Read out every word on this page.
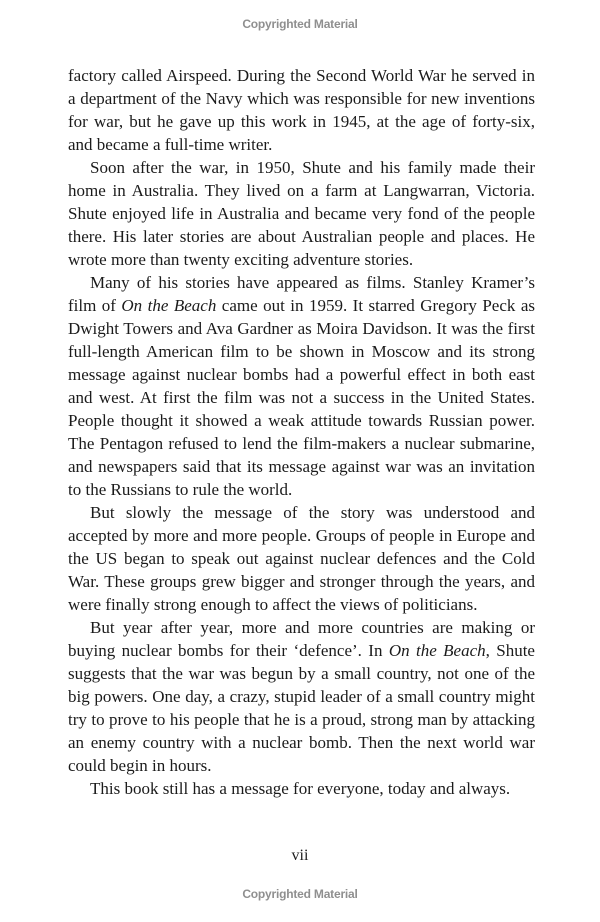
Copyrighted Material

factory called Airspeed. During the Second World War he served in a department of the Navy which was responsible for new inventions for war, but he gave up this work in 1945, at the age of forty-six, and became a full-time writer.

Soon after the war, in 1950, Shute and his family made their home in Australia. They lived on a farm at Langwarran, Victoria. Shute enjoyed life in Australia and became very fond of the people there. His later stories are about Australian people and places. He wrote more than twenty exciting adventure stories.

Many of his stories have appeared as films. Stanley Kramer’s film of On the Beach came out in 1959. It starred Gregory Peck as Dwight Towers and Ava Gardner as Moira Davidson. It was the first full-length American film to be shown in Moscow and its strong message against nuclear bombs had a powerful effect in both east and west. At first the film was not a success in the United States. People thought it showed a weak attitude towards Russian power. The Pentagon refused to lend the film-makers a nuclear submarine, and newspapers said that its message against war was an invitation to the Russians to rule the world.

But slowly the message of the story was understood and accepted by more and more people. Groups of people in Europe and the US began to speak out against nuclear defences and the Cold War. These groups grew bigger and stronger through the years, and were finally strong enough to affect the views of politicians.

But year after year, more and more countries are making or buying nuclear bombs for their ‘defence’. In On the Beach, Shute suggests that the war was begun by a small country, not one of the big powers. One day, a crazy, stupid leader of a small country might try to prove to his people that he is a proud, strong man by attacking an enemy country with a nuclear bomb. Then the next world war could begin in hours.

This book still has a message for everyone, today and always.

vii
Copyrighted Material
